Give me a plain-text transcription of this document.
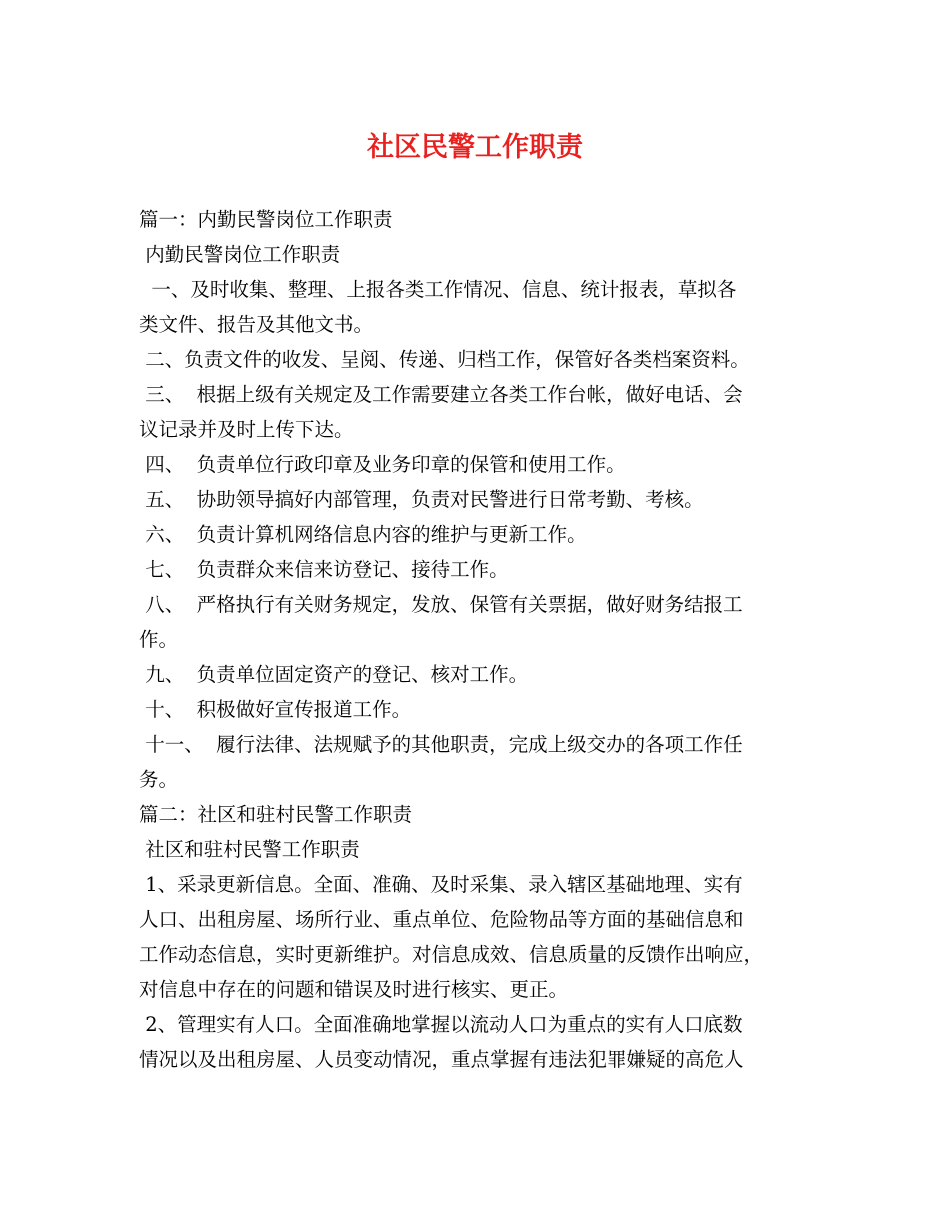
社区民警工作职责

篇一：内勤民警岗位工作职责

内勤民警岗位工作职责

一、及时收集、整理、上报各类工作情况、信息、统计报表，草拟各

类文件、报告及其他文书。

二、负责文件的收发、呈阅、传递、归档工作，保管好各类档案资料。

三、  根据上级有关规定及工作需要建立各类工作台帐，做好电话、会

议记录并及时上传下达。

四、  负责单位行政印章及业务印章的保管和使用工作。

五、  协助领导搞好内部管理，负责对民警进行日常考勤、考核。

六、  负责计算机网络信息内容的维护与更新工作。

七、  负责群众来信来访登记、接待工作。

八、  严格执行有关财务规定，发放、保管有关票据，做好财务结报工

作。

九、  负责单位固定资产的登记、核对工作。

十、  积极做好宣传报道工作。

十一、  履行法律、法规赋予的其他职责，完成上级交办的各项工作任

务。

篇二：社区和驻村民警工作职责

社区和驻村民警工作职责

1、采录更新信息。全面、准确、及时采集、录入辖区基础地理、实有

人口、出租房屋、场所行业、重点单位、危险物品等方面的基础信息和

工作动态信息，实时更新维护。对信息成效、信息质量的反馈作出响应，

对信息中存在的问题和错误及时进行核实、更正。

2、管理实有人口。全面准确地掌握以流动人口为重点的实有人口底数

情况以及出租房屋、人员变动情况，重点掌握有违法犯罪嫌疑的高危人
